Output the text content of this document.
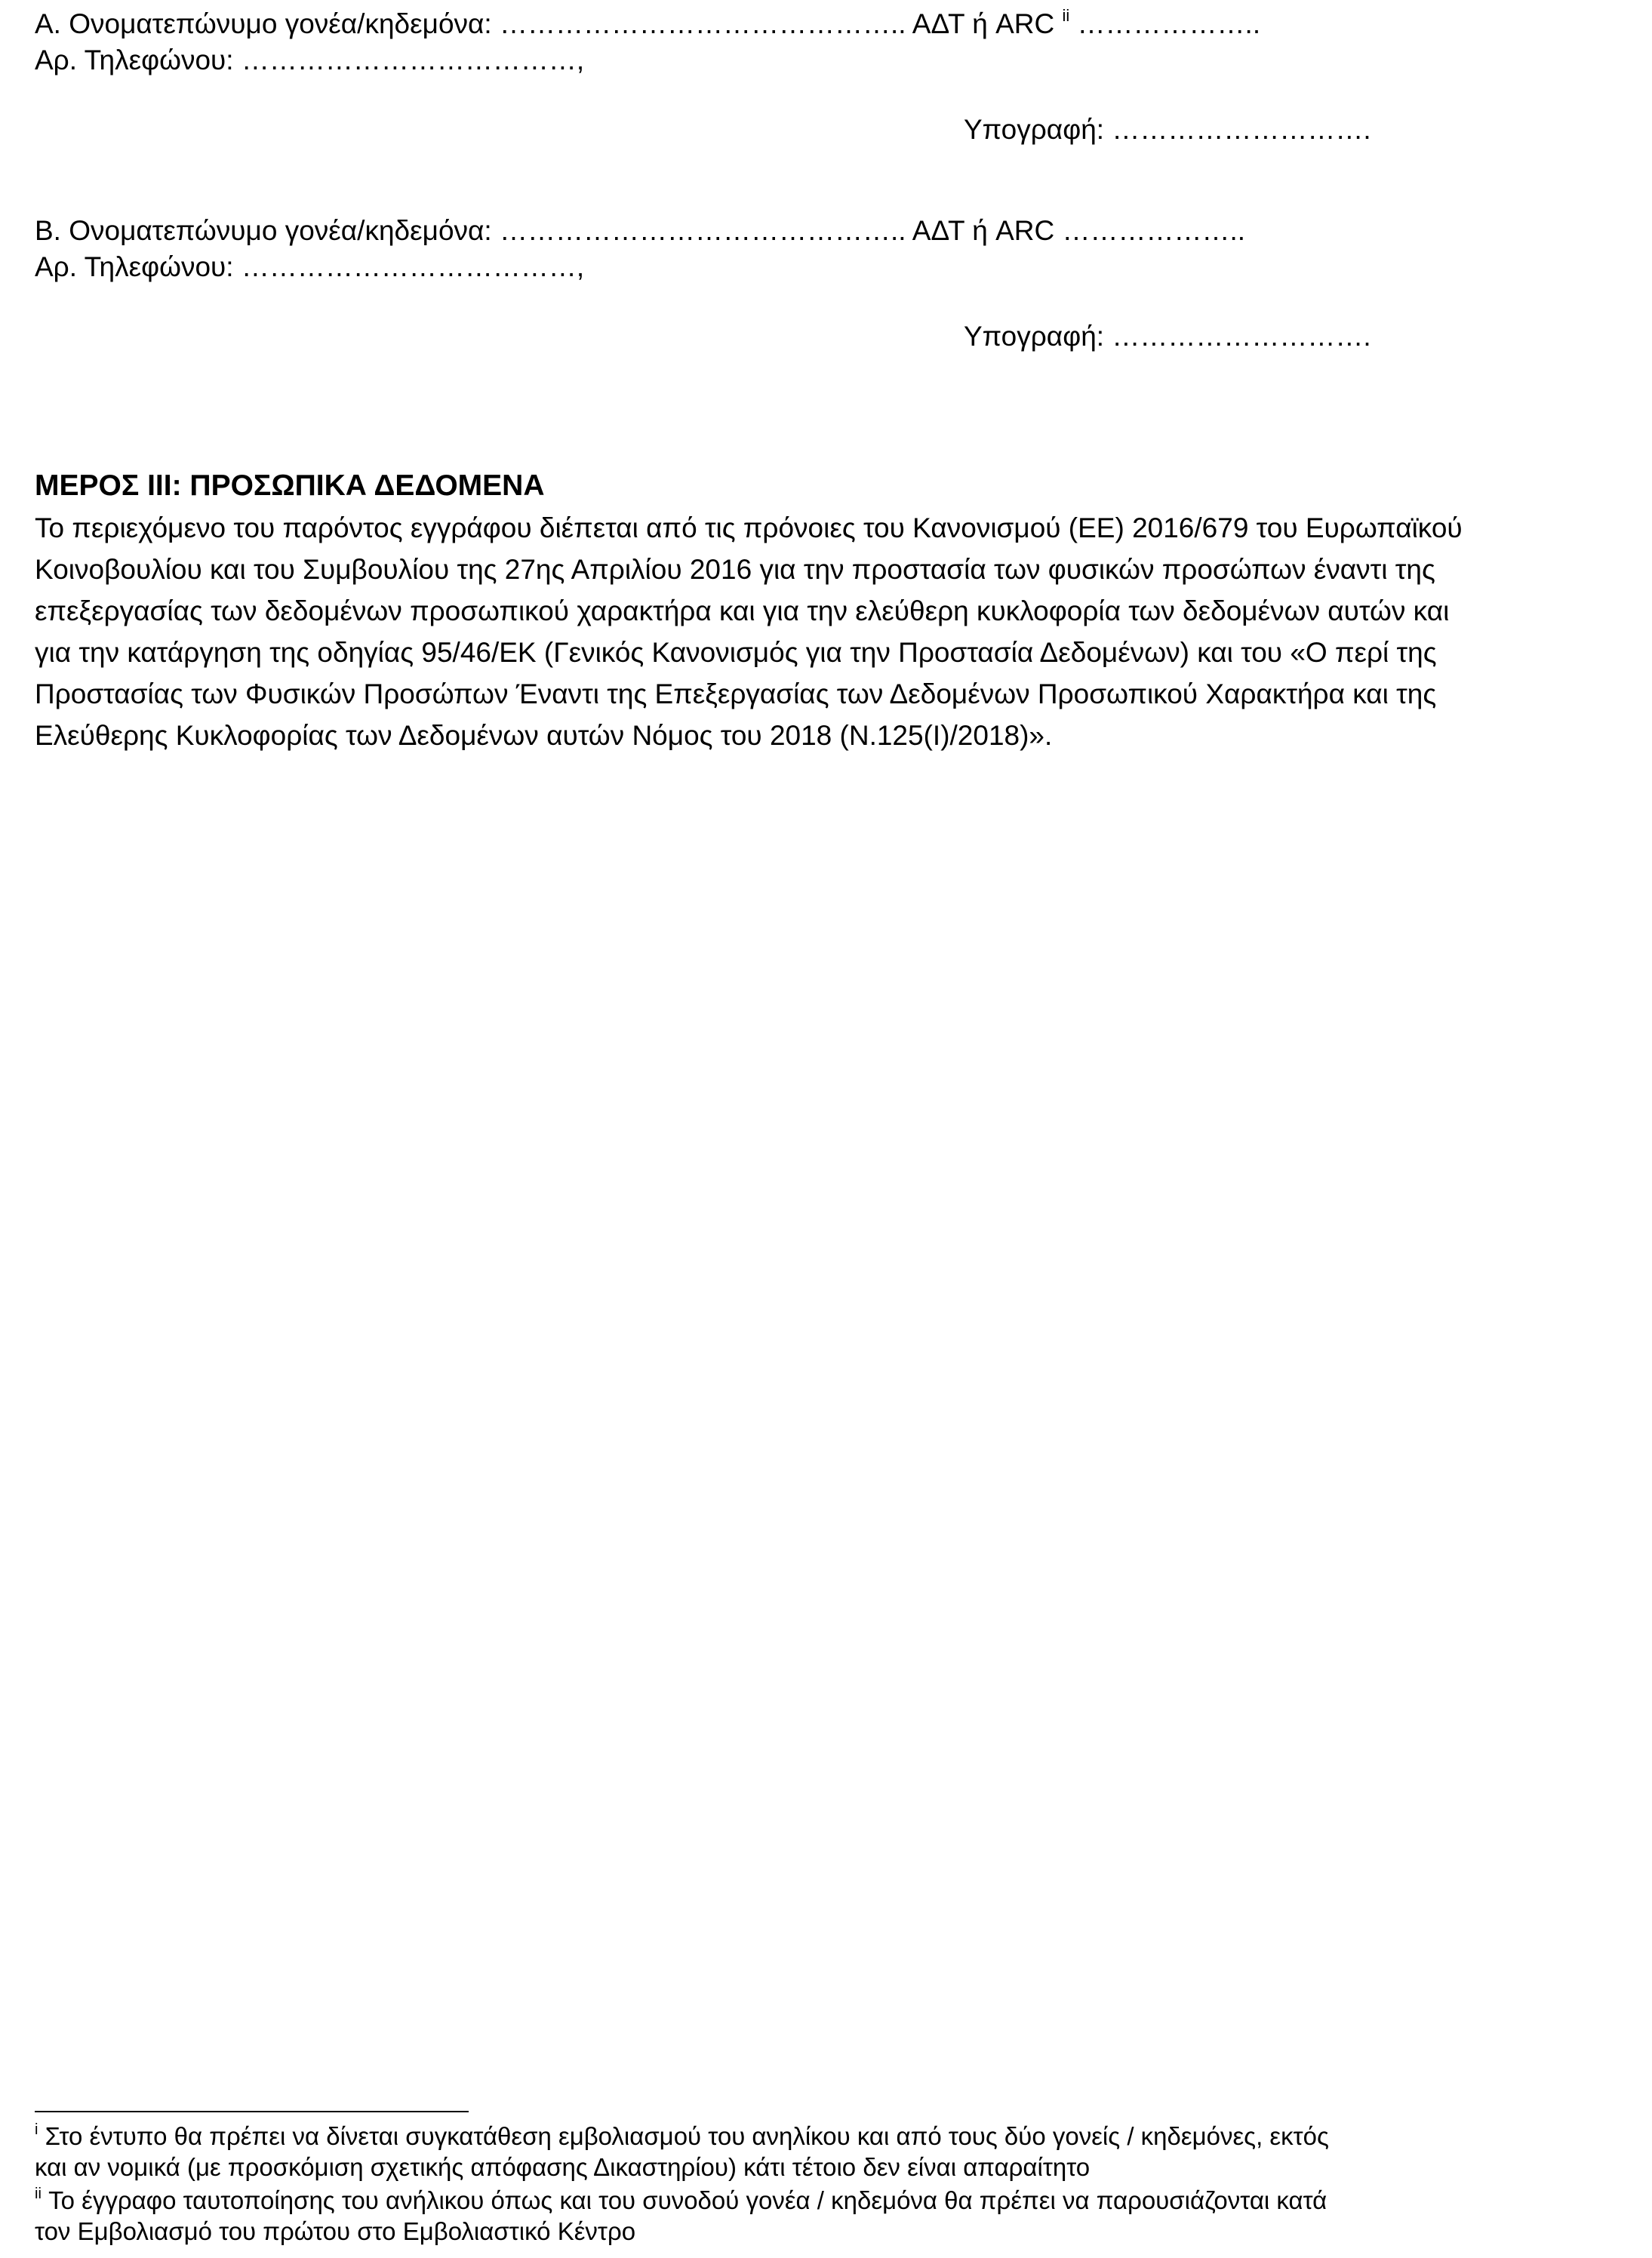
Α. Ονοματεπώνυμο γονέα/κηδεμόνα: …………………………………….. ΑΔΤ ή ARC $^{ii}$ ………………..
Αρ. Τηλεφώνου: ………………………………,
Υπογραφή: ……………………….
Β. Ονοματεπώνυμο γονέα/κηδεμόνα: …………………………………….. ΑΔΤ ή ARC ………………..
Αρ. Τηλεφώνου: ………………………………,
Υπογραφή: ……………………….
ΜΕΡΟΣ ΙΙΙ: ΠΡΟΣΩΠΙΚΑ ΔΕΔΟΜΕΝΑ
Το περιεχόμενο του παρόντος εγγράφου διέπεται από τις πρόνοιες του Κανονισμού (ΕΕ) 2016/679 του Ευρωπαϊκού
Κοινοβουλίου και του Συμβουλίου της 27ης Απριλίου 2016 για την προστασία των φυσικών προσώπων έναντι της
επεξεργασίας των δεδομένων προσωπικού χαρακτήρα και για την ελεύθερη κυκλοφορία των δεδομένων αυτών και
για την κατάργηση της οδηγίας 95/46/ΕΚ (Γενικός Κανονισμός για την Προστασία Δεδομένων) και του «Ο περί της
Προστασίας των Φυσικών Προσώπων Έναντι της Επεξεργασίας των Δεδομένων Προσωπικού Χαρακτήρα και της
Ελεύθερης Κυκλοφορίας των Δεδομένων αυτών Νόμος του 2018 (Ν.125(Ι)/2018)».
$^i$ Στο έντυπο θα πρέπει να δίνεται συγκατάθεση εμβολιασμού του ανηλίκου και από τους δύο γονείς / κηδεμόνες, εκτός
και αν νομικά (με προσκόμιση σχετικής απόφασης Δικαστηρίου) κάτι τέτοιο δεν είναι απαραίτητο
$^{ii}$ Το έγγραφο ταυτοποίησης του ανήλικου όπως και του συνοδού γονέα / κηδεμόνα θα πρέπει να παρουσιάζονται κατά
τον Εμβολιασμό του πρώτου στο Εμβολιαστικό Κέντρο
